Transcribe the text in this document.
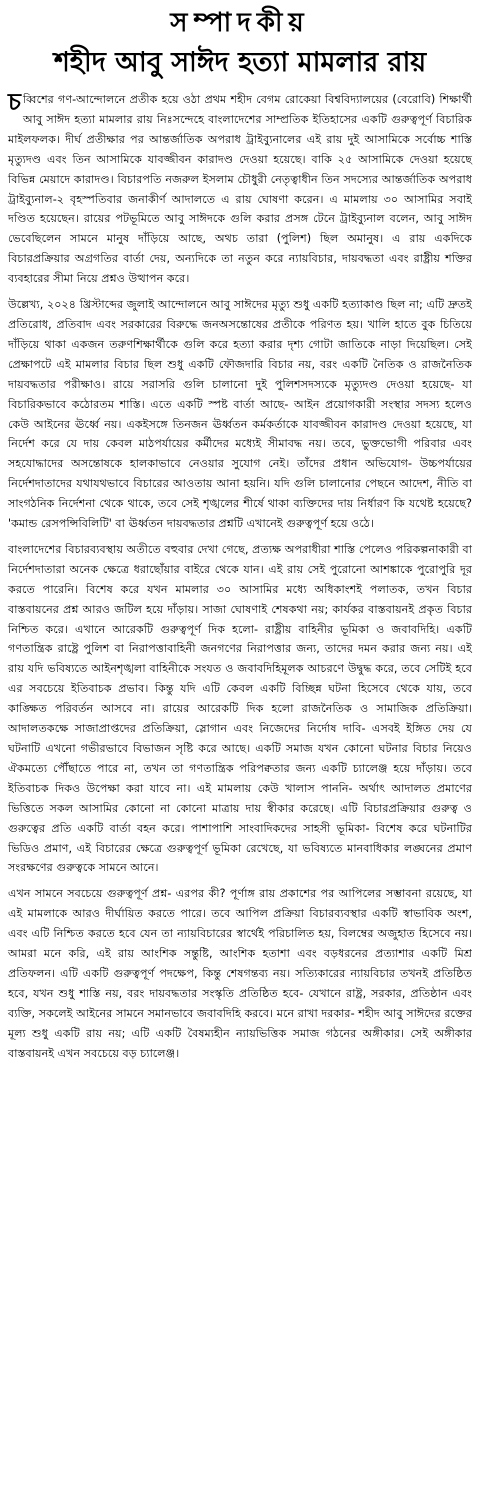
সম্পাদকীয়
শহীদ আবু সাঈদ হত্যা মামলার রায়

চব্বিশের গণ-আন্দোলনে প্রতীক হয়ে ওঠা প্রথম শহীদ বেগম রোকেয়া বিশ্ববিদ্যালয়ের (বেরোবি) শিক্ষার্থী আবু সাঈদ হত্যা মামলার রায় নিঃসন্দেহে বাংলাদেশের সাম্প্রতিক ইতিহাসের একটি গুরুত্বপূর্ণ বিচারিক মাইলফলক। দীর্ঘ প্রতীক্ষার পর আন্তর্জাতিক অপরাধ ট্রাইব্যুনালের এই রায় দুই আসামিকে সর্বোচ্চ শাস্তি মৃত্যুদণ্ড এবং তিন আসামিকে যাবজ্জীবন কারাদণ্ড দেওয়া হয়েছে। বাকি ২৫ আসামিকে দেওয়া হয়েছে বিভিন্ন মেয়াদে কারাদণ্ড। বিচারপতি নজরুল ইসলাম চৌধুরী নেতৃত্বাধীন তিন সদস্যের আন্তর্জাতিক অপরাধ ট্রাইব্যুনাল-২ বৃহস্পতিবার জনাকীর্ণ আদালতে এ রায় ঘোষণা করেন। এ মামলায় ৩০ আসামির সবাই দণ্ডিত হয়েছেন। রায়ের পটভূমিতে আবু সাঈদকে গুলি করার প্রসঙ্গ টেনে ট্রাইব্যুনাল বলেন, আবু সাঈদ ভেবেছিলেন সামনে মানুষ দাঁড়িয়ে আছে, অথচ তারা (পুলিশ) ছিল অমানুষ। এ রায় একদিকে বিচারপ্রক্রিয়ার অগ্রগতির বার্তা দেয়, অন্যদিকে তা নতুন করে ন্যায়বিচার, দায়বদ্ধতা এবং রাষ্ট্রীয় শক্তির ব্যবহারের সীমা নিয়ে প্রশ্নও উত্থাপন করে।

উল্লেখ্য, ২০২৪ খ্রিস্টাব্দের জুলাই আন্দোলনে আবু সাঈদের মৃত্যু শুধু একটি হত্যাকাণ্ড ছিল না; এটি দ্রুতই প্রতিরোধ, প্রতিবাদ এবং সরকারের বিরুদ্ধে জনঅসন্তোষের প্রতীকে পরিণত হয়। খালি হাতে বুক চিতিয়ে দাঁড়িয়ে থাকা একজন তরুণশিক্ষার্থীকে গুলি করে হত্যা করার দৃশ্য গোটা জাতিকে নাড়া দিয়েছিল। সেই প্রেক্ষাপটে এই মামলার বিচার ছিল শুধু একটি ফৌজদারি বিচার নয়, বরং একটি নৈতিক ও রাজনৈতিক দায়বদ্ধতার পরীক্ষাও। রায়ে সরাসরি গুলি চালানো দুই পুলিশসদস্যকে মৃত্যুদণ্ড দেওয়া হয়েছে- যা বিচারিকভাবে কঠোরতম শাস্তি। এতে একটি স্পষ্ট বার্তা আছে- আইন প্রয়োগকারী সংস্থার সদস্য হলেও কেউ আইনের ঊর্ধ্বে নয়। একইসঙ্গে তিনজন ঊর্ধ্বতন কর্মকর্তাকে যাবজ্জীবন কারাদণ্ড দেওয়া হয়েছে, যা নির্দেশ করে যে দায় কেবল মাঠপর্যায়ের কর্মীদের মধ্যেই সীমাবদ্ধ নয়। তবে, ভুক্তভোগী পরিবার এবং সহযোদ্ধাদের অসন্তোষকে হালকাভাবে নেওয়ার সুযোগ নেই। তাঁদের প্রধান অভিযোগ- উচ্চপর্যায়ের নির্দেশদাতাদের যথাযথভাবে বিচারের আওতায় আনা হয়নি। যদি গুলি চালানোর পেছনে আদেশ, নীতি বা সাংগঠনিক নির্দেশনা থেকে থাকে, তবে সেই শৃঙ্খলের শীর্ষে থাকা ব্যক্তিদের দায় নির্ধারণ কি যথেষ্ট হয়েছে? 'কমান্ড রেসপন্সিবিলিটি' বা ঊর্ধ্বতন দায়বদ্ধতার প্রশ্নটি এখানেই গুরুত্বপূর্ণ হয়ে ওঠে।

বাংলাদেশের বিচারব্যবস্থায় অতীতে বহুবার দেখা গেছে, প্রত্যক্ষ অপরাধীরা শাস্তি পেলেও পরিকল্পনাকারী বা নির্দেশদাতারা অনেক ক্ষেত্রে ধরাছোঁয়ার বাইরে থেকে যান। এই রায় সেই পুরোনো আশঙ্কাকে পুরোপুরি দূর করতে পারেনি। বিশেষ করে যখন মামলার ৩০ আসামির মধ্যে অধিকাংশই পলাতক, তখন বিচার বাস্তবায়নের প্রশ্ন আরও জটিল হয়ে দাঁড়ায়। সাজা ঘোষণাই শেষকথা নয়; কার্যকর বাস্তবায়নই প্রকৃত বিচার নিশ্চিত করে। এখানে আরেকটি গুরুত্বপূর্ণ দিক হলো- রাষ্ট্রীয় বাহিনীর ভূমিকা ও জবাবদিহি। একটি গণতান্ত্রিক রাষ্ট্রে পুলিশ বা নিরাপত্তাবাহিনী জনগণের নিরাপত্তার জন্য, তাদের দমন করার জন্য নয়। এই রায় যদি ভবিষ্যতে আইনশৃঙ্খলা বাহিনীকে সংযত ও জবাবদিহিমূলক আচরণে উদ্বুদ্ধ করে, তবে সেটিই হবে এর সবচেয়ে ইতিবাচক প্রভাব। কিন্তু যদি এটি কেবল একটি বিচ্ছিন্ন ঘটনা হিসেবে থেকে যায়, তবে কাঙ্ক্ষিত পরিবর্তন আসবে না। রায়ের আরেকটি দিক হলো রাজনৈতিক ও সামাজিক প্রতিক্রিয়া। আদালতকক্ষে সাজাপ্রাপ্তদের প্রতিক্রিয়া, স্লোগান এবং নিজেদের নির্দোষ দাবি- এসবই ইঙ্গিত দেয় যে ঘটনাটি এখনো গভীরভাবে বিভাজন সৃষ্টি করে আছে। একটি সমাজ যখন কোনো ঘটনার বিচার নিয়েও ঐকমত্যে পৌঁছাতে পারে না, তখন তা গণতান্ত্রিক পরিপক্বতার জন্য একটি চ্যালেঞ্জ হয়ে দাঁড়ায়। তবে ইতিবাচক দিকও উপেক্ষা করা যাবে না। এই মামলায় কেউ খালাস পাননি- অর্থাৎ আদালত প্রমাণের ভিত্তিতে সকল আসামির কোনো না কোনো মাত্রায় দায় স্বীকার করেছে। এটি বিচারপ্রক্রিয়ার গুরুত্ব ও গুরুত্বের প্রতি একটি বার্তা বহন করে। পাশাপাশি সাংবাদিকদের সাহসী ভূমিকা- বিশেষ করে ঘটনাটির ভিডিও প্রমাণ, এই বিচারের ক্ষেত্রে গুরুত্বপূর্ণ ভূমিকা রেখেছে, যা ভবিষ্যতে মানবাধিকার লঙ্ঘনের প্রমাণ সংরক্ষণের গুরুত্বকে সামনে আনে।

এখন সামনে সবচেয়ে গুরুত্বপূর্ণ প্রশ্ন- এরপর কী? পূর্ণাঙ্গ রায় প্রকাশের পর আপিলের সম্ভাবনা রয়েছে, যা এই মামলাকে আরও দীর্ঘায়িত করতে পারে। তবে আপিল প্রক্রিয়া বিচারব্যবস্থার একটি স্বাভাবিক অংশ, এবং এটি নিশ্চিত করতে হবে যেন তা ন্যায়বিচারের স্বার্থেই পরিচালিত হয়, বিলম্বের অজুহাত হিসেবে নয়। আমরা মনে করি, এই রায় আংশিক সন্তুষ্টি, আংশিক হতাশা এবং বড়ধরনের প্রত্যাশার একটি মিশ্র প্রতিফলন। এটি একটি গুরুত্বপূর্ণ পদক্ষেপ, কিন্তু শেষগন্তব্য নয়। সত্যিকারের ন্যায়বিচার তখনই প্রতিষ্ঠিত হবে, যখন শুধু শাস্তি নয়, বরং দায়বদ্ধতার সংস্কৃতি প্রতিষ্ঠিত হবে- যেখানে রাষ্ট্র, সরকার, প্রতিষ্ঠান এবং ব্যক্তি, সকলেই আইনের সামনে সমানভাবে জবাবদিহি করবে। মনে রাখা দরকার- শহীদ আবু সাঈদের রক্তের মূল্য শুধু একটি রায় নয়; এটি একটি বৈষম্যহীন ন্যায়ভিত্তিক সমাজ গঠনের অঙ্গীকার। সেই অঙ্গীকার বাস্তবায়নই এখন সবচেয়ে বড় চ্যালেঞ্জ।
